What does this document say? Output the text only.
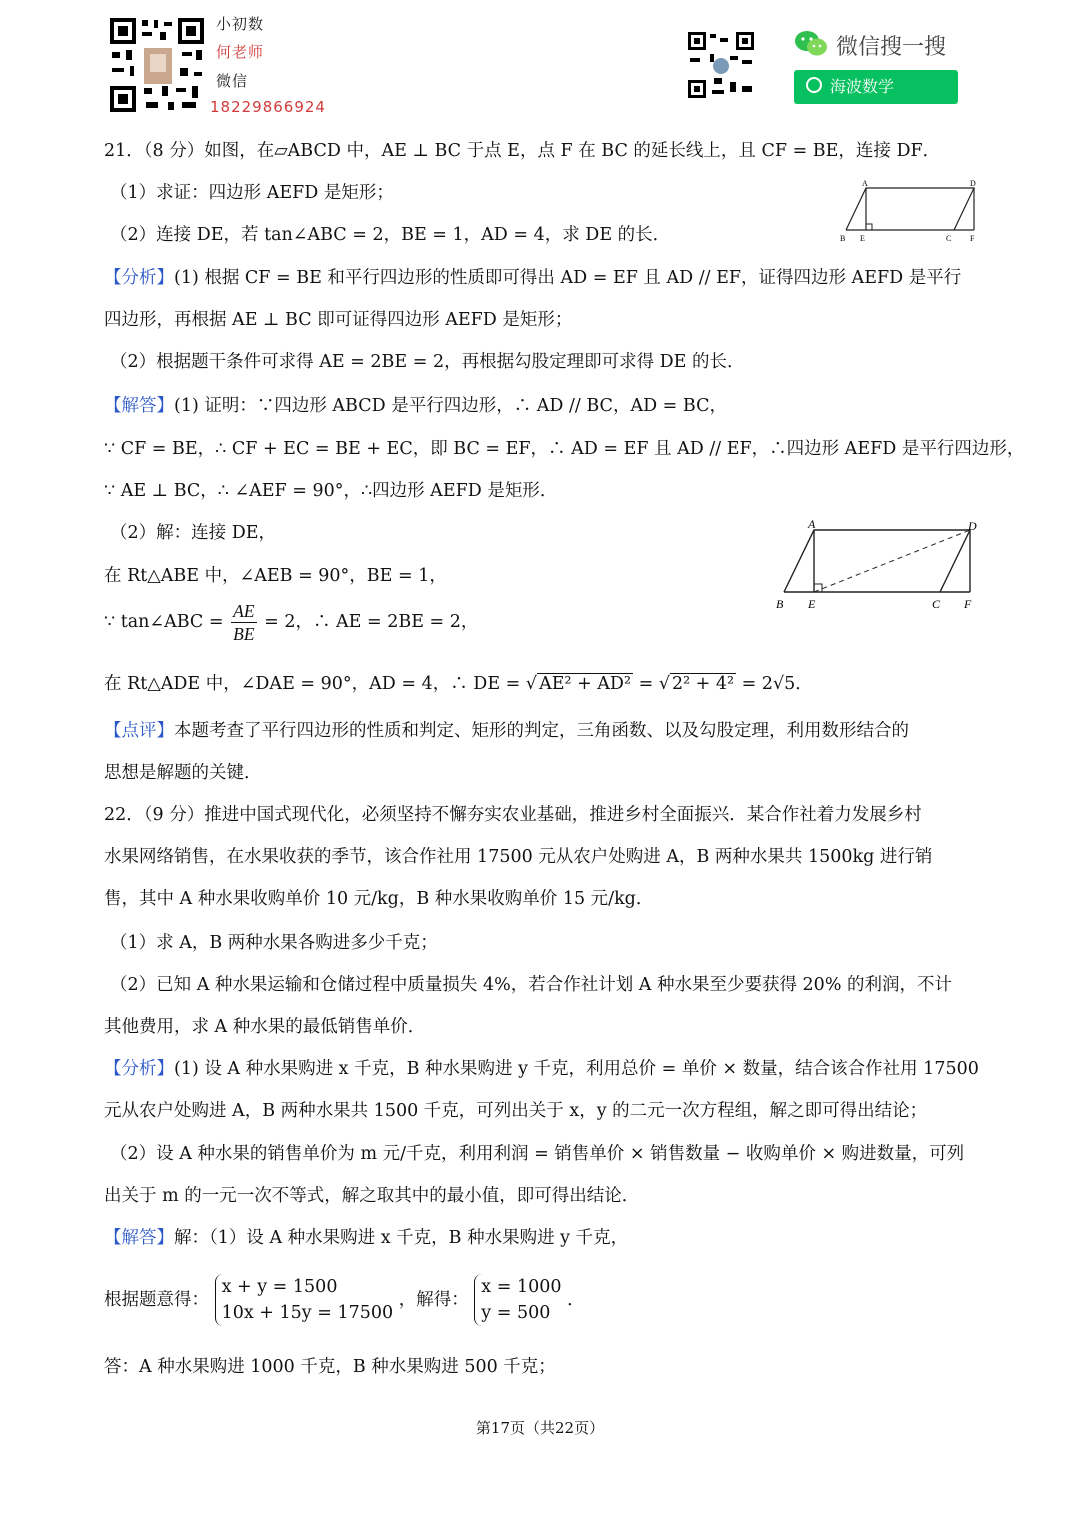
小初数
何老师
微信
18229866924
微信搜一搜
海波数学
21．（8 分）如图，在▱ABCD 中，AE ⊥ BC 于点 E，点 F 在 BC 的延长线上，且 CF = BE，连接 DF．
（1）求证：四边形 AEFD 是矩形；
（2）连接 DE，若 tan∠ABC = 2，BE = 1，AD = 4，求 DE 的长．
A	D
B E	C F
【分析】(1) 根据 CF = BE 和平行四边形的性质即可得出 AD = EF 且 AD // EF，证得四边形 AEFD 是平行
四边形，再根据 AE ⊥ BC 即可证得四边形 AEFD 是矩形；
（2）根据题干条件可求得 AE = 2BE = 2，再根据勾股定理即可求得 DE 的长．
【解答】(1) 证明：∵四边形 ABCD 是平行四边形，∴ AD // BC，AD = BC，
∵ CF = BE，∴ CF + EC = BE + EC，即 BC = EF，∴ AD = EF 且 AD // EF，∴四边形 AEFD 是平行四边形，
∵ AE ⊥ BC，∴ ∠AEF = 90°，∴四边形 AEFD 是矩形．
（2）解：连接 DE，
在 Rt△ABE 中，∠AEB = 90°，BE = 1，
∵ tan∠ABC = $\frac{AE}{BE} = 2$，∴ AE = 2BE = 2，
A	D
B E	C F
在 Rt△ADE 中，∠DAE = 90°，AD = 4，∴ DE = √ AE² + AD² = √ 2² + 4² = 2√5．
【点评】本题考查了平行四边形的性质和判定、矩形的判定，三角函数、以及勾股定理，利用数形结合的
思想是解题的关键．
22．（9 分）推进中国式现代化，必须坚持不懈夯实农业基础，推进乡村全面振兴．某合作社着力发展乡村
水果网络销售，在水果收获的季节，该合作社用 17500 元从农户处购进 A，B 两种水果共 1500kg 进行销
售，其中 A 种水果收购单价 10 元/kg，B 种水果收购单价 15 元/kg．
（1）求 A，B 两种水果各购进多少千克；
（2）已知 A 种水果运输和仓储过程中质量损失 4%，若合作社计划 A 种水果至少要获得 20% 的利润，不计
其他费用，求 A 种水果的最低销售单价．
【分析】(1) 设 A 种水果购进 x 千克，B 种水果购进 y 千克，利用总价 = 单价 × 数量，结合该合作社用 17500
元从农户处购进 A，B 两种水果共 1500 千克，可列出关于 x，y 的二元一次方程组，解之即可得出结论；
（2）设 A 种水果的销售单价为 m 元/千克，利用利润 = 销售单价 × 销售数量 − 收购单价 × 购进数量，可列
出关于 m 的一元一次不等式，解之取其中的最小值，即可得出结论．
【解答】解：（1）设 A 种水果购进 x 千克，B 种水果购进 y 千克，
根据题意得：
x + y = 1500
10x + 15y = 17500
，解得：
x = 1000
y = 500
．
答：A 种水果购进 1000 千克，B 种水果购进 500 千克；
第17页（共22页）
